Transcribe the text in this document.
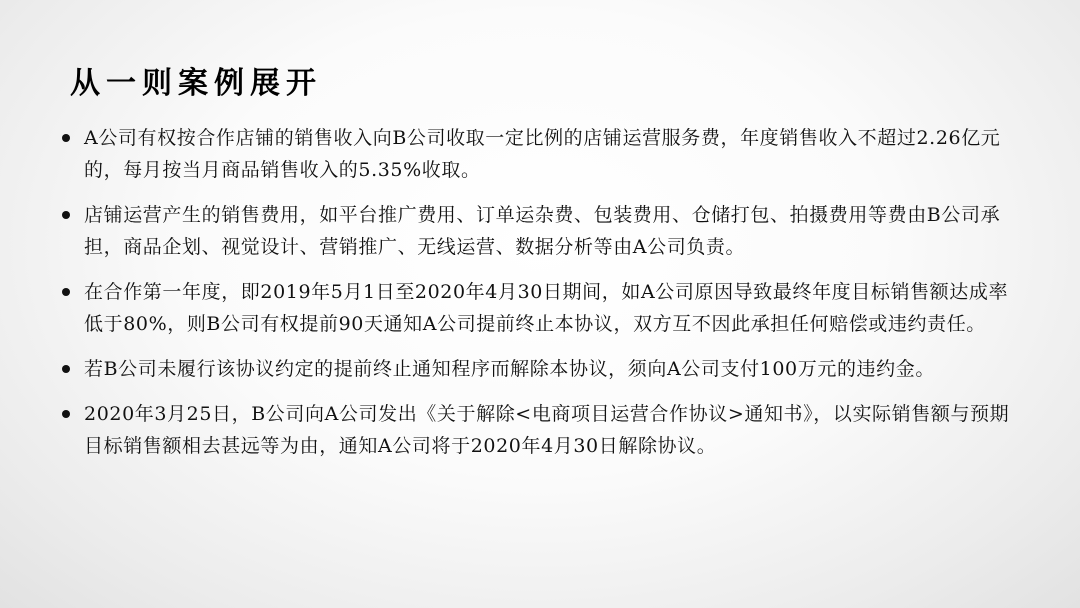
从一则案例展开
A公司有权按合作店铺的销售收入向B公司收取一定比例的店铺运营服务费，年度销售收入不超过2.26亿元的，每月按当月商品销售收入的5.35%收取。
店铺运营产生的销售费用，如平台推广费用、订单运杂费、包装费用、仓储打包、拍摄费用等费由B公司承担，商品企划、视觉设计、营销推广、无线运营、数据分析等由A公司负责。
在合作第一年度，即2019年5月1日至2020年4月30日期间，如A公司原因导致最终年度目标销售额达成率低于80%，则B公司有权提前90天通知A公司提前终止本协议，双方互不因此承担任何赔偿或违约责任。
若B公司未履行该协议约定的提前终止通知程序而解除本协议，须向A公司支付100万元的违约金。
2020年3月25日，B公司向A公司发出《关于解除<电商项目运营合作协议>通知书》，以实际销售额与预期目标销售额相去甚远等为由，通知A公司将于2020年4月30日解除协议。
